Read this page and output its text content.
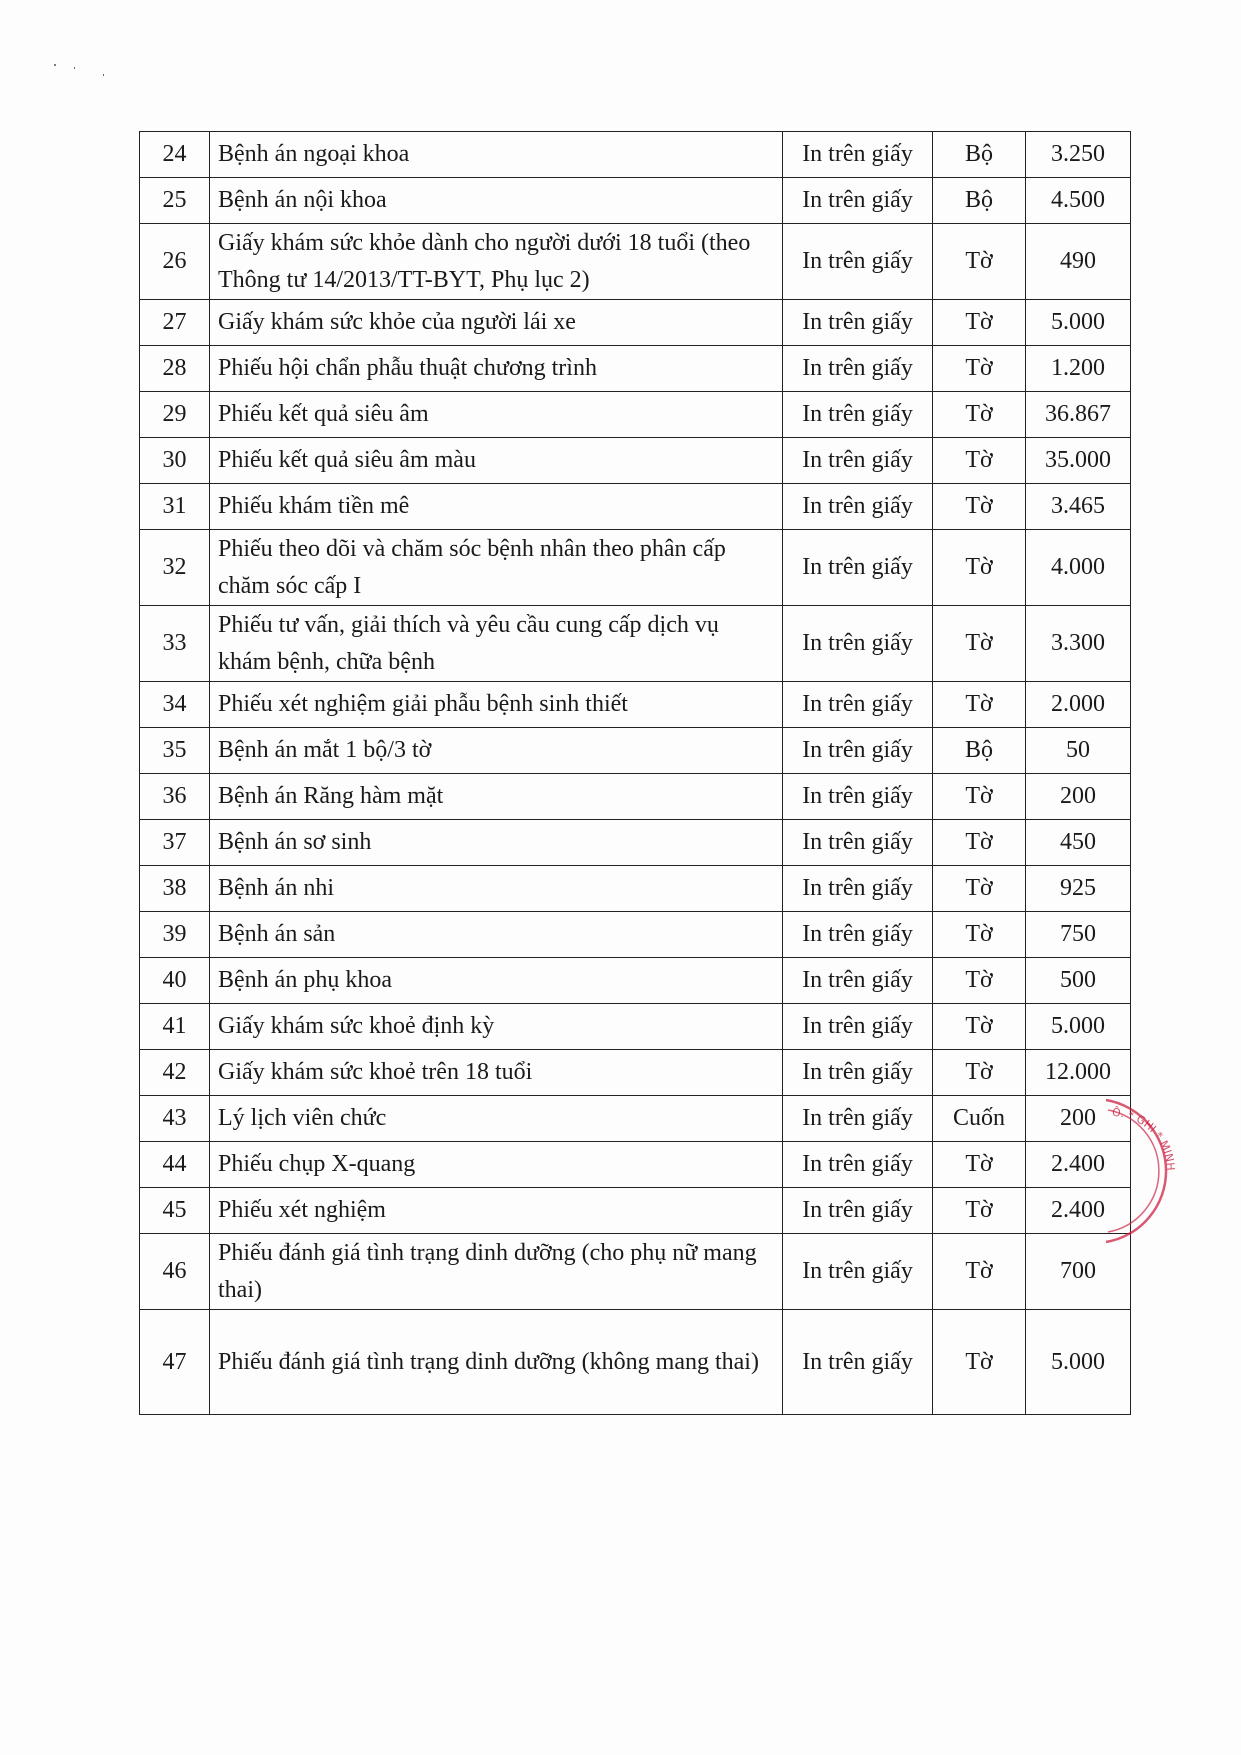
24	Bệnh án ngoại khoa	In trên giấy	Bộ	3.250
25	Bệnh án nội khoa	In trên giấy	Bộ	4.500
26	Giấy khám sức khỏe dành cho người dưới 18 tuổi (theo Thông tư 14/2013/TT-BYT, Phụ lục 2)	In trên giấy	Tờ	490
27	Giấy khám sức khỏe của người lái xe	In trên giấy	Tờ	5.000
28	Phiếu hội chẩn phẫu thuật chương trình	In trên giấy	Tờ	1.200
29	Phiếu kết quả siêu âm	In trên giấy	Tờ	36.867
30	Phiếu kết quả siêu âm màu	In trên giấy	Tờ	35.000
31	Phiếu khám tiền mê	In trên giấy	Tờ	3.465
32	Phiếu theo dõi và chăm sóc bệnh nhân theo phân cấp chăm sóc cấp I	In trên giấy	Tờ	4.000
33	Phiếu tư vấn, giải thích và yêu cầu cung cấp dịch vụ khám bệnh, chữa bệnh	In trên giấy	Tờ	3.300
34	Phiếu xét nghiệm giải phẫu bệnh sinh thiết	In trên giấy	Tờ	2.000
35	Bệnh án mắt 1 bộ/3 tờ	In trên giấy	Bộ	50
36	Bệnh án Răng hàm mặt	In trên giấy	Tờ	200
37	Bệnh án sơ sinh	In trên giấy	Tờ	450
38	Bệnh án nhi	In trên giấy	Tờ	925
39	Bệnh án sản	In trên giấy	Tờ	750
40	Bệnh án phụ khoa	In trên giấy	Tờ	500
41	Giấy khám sức khoẻ định kỳ	In trên giấy	Tờ	5.000
42	Giấy khám sức khoẻ trên 18 tuổi	In trên giấy	Tờ	12.000
43	Lý lịch viên chức	In trên giấy	Cuốn	200
44	Phiếu chụp X-quang	In trên giấy	Tờ	2.400
45	Phiếu xét nghiệm	In trên giấy	Tờ	2.400
46	Phiếu đánh giá tình trạng dinh dưỡng (cho phụ nữ mang thai)	In trên giấy	Tờ	700
47	Phiếu đánh giá tình trạng dinh dưỡng (không mang thai)	In trên giấy	Tờ	5.000
Ô. * GHI * MINH
